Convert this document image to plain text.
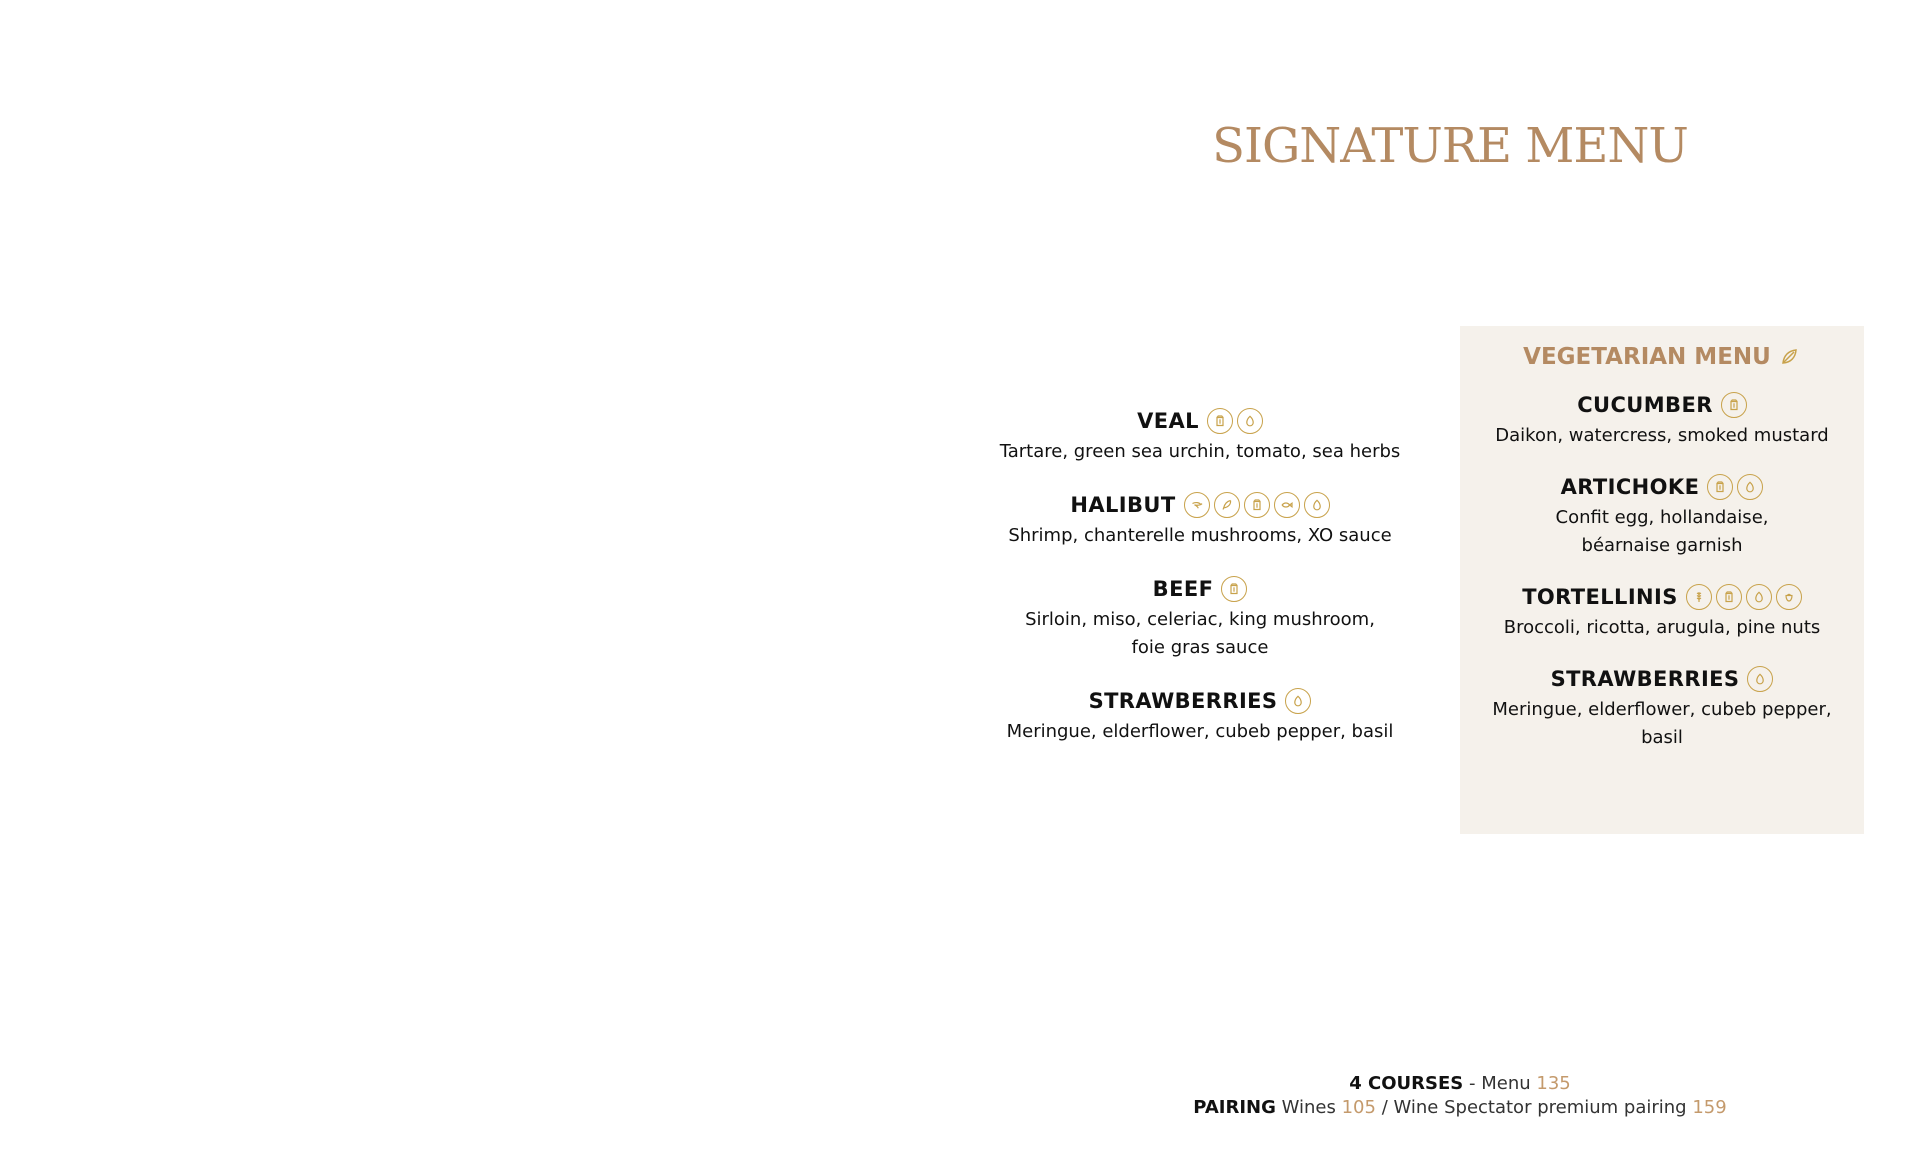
SIGNATURE MENU
VEAL
Tartare, green sea urchin, tomato, sea herbs
HALIBUT
Shrimp, chanterelle mushrooms, XO sauce
BEEF
Sirloin, miso, celeriac, king mushroom,
foie gras sauce
STRAWBERRIES
Meringue, elderflower, cubeb pepper, basil
VEGETARIAN MENU
CUCUMBER
Daikon, watercress, smoked mustard
ARTICHOKE
Confit egg, hollandaise,
béarnaise garnish
TORTELLINIS
Broccoli, ricotta, arugula, pine nuts
STRAWBERRIES
Meringue, elderflower, cubeb pepper,
basil
4 COURSES - Menu 135
PAIRING Wines 105 / Wine Spectator premium pairing 159
